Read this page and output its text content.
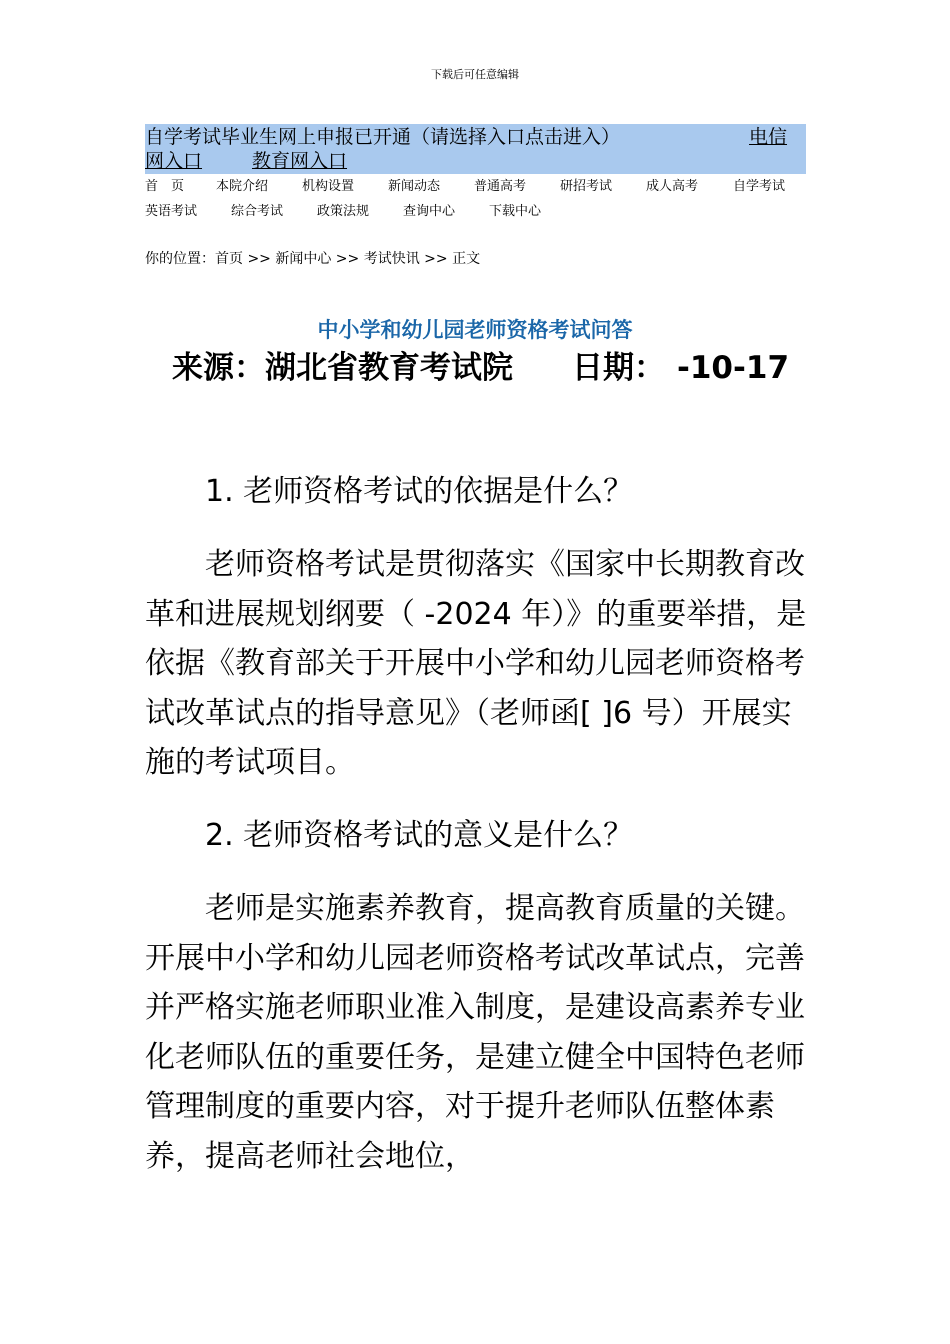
下载后可任意编辑
自学考试毕业生网上申报已开通（请选择入口点击进入）	电信
网入口	教育网入口
首　页 本院介绍	机构设置	新闻动态	普通高考	研招考试	成人高考	自学考试
英语考试	综合考试	政策法规	查询中心	下载中心
你的位置：首页 >> 新闻中心 >> 考试快讯 >> 正文
中小学和幼儿园老师资格考试问答
来源：湖北省教育考试院 日期： -10-17

1. 老师资格考试的依据是什么？

老师资格考试是贯彻落实《国家中长期教育改革和进展规划纲要（ -2024 年）》的重要举措，是依据《教育部关于开展中小学和幼儿园老师资格考试改革试点的指导意见》（老师函[ ]6 号）开展实施的考试项目。

2. 老师资格考试的意义是什么？

老师是实施素养教育，提高教育质量的关键。开展中小学和幼儿园老师资格考试改革试点，完善并严格实施老师职业准入制度，是建设高素养专业化老师队伍的重要任务，是建立健全中国特色老师管理制度的重要内容，对于提升老师队伍整体素养，提高老师社会地位，
